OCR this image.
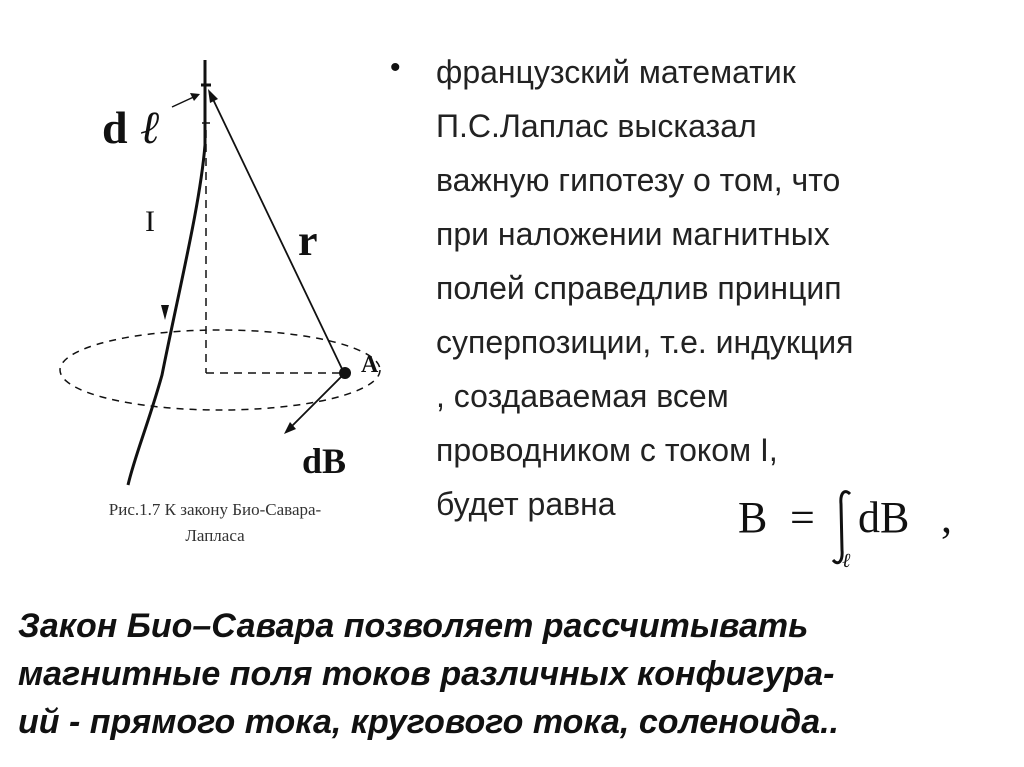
d ℓ
I	r
A
dB
Рис.1.7 К закону Био-Савара-
Лапласа
• французский математик
П.С.Лаплас высказал
важную гипотезу о том, что
при наложении магнитных
полей справедлив принцип
суперпозиции, т.е. индукция
, создаваемая всем
проводником с током I,
будет равна	B = dB ,
ℓ
Закон Био–Савара позволяет рассчитывать
магнитные поля токов различных конфигура-
ий - прямого тока, кругового тока, соленоида..
